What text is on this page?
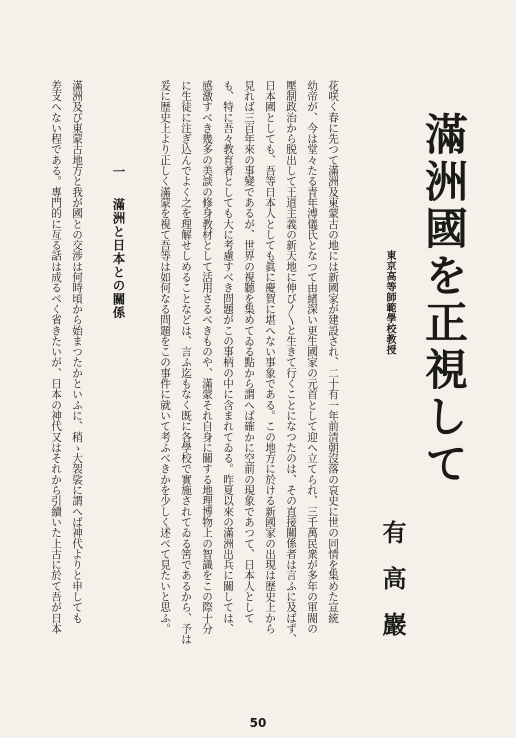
滿洲國を正視して
東京高等師範學校教授
有高巖
花咲く春に先つて滿洲及東蒙古の地には新國家が建設され、二十有一年前清朝沒落の哀史に世の同情を集めた宣統
幼帝が、今は堂々たる青年溥儀氏となつて由緒深い更生國家の元首として迎へ立てられ、三千萬民衆が多年の軍閥の
壓制政治から脱出して王道主義の新天地に伸び〳〵と生きて行くことになつたのは、その直接關係者は言ふに及ばず、
日本國としても、吾等日本人としても眞に慶賀に堪へない事象である。この地方に於ける新國家の出現は歴史上から
見れば三百年來の事變であるが、世界の視聽を集めてゐる點から謂へば確かに空前の現象であつて、日本人として
も、特に吾々教育者としても大に考慮すべき問題がこの事柄の中に含まれてゐる。昨夏以來の滿洲出兵に關しては、
感激すべき幾多の美談の修身教材として活用さるべきものや、滿蒙それ自身に關する地理博物上の智識をこの際十分
に生徒に注ぎ込んでよく之を理解せしめることなどは、言ふ迄もなく既に各學校で實施されてゐる筈であるから、予は
爰に歴史上より正しく滿蒙を視て吾等は如何なる問題をこの事件に就いて考ふべきかを少しく述べて見たいと思ふ。
一
滿洲と日本との關係
滿洲及び東蒙古地方と我が國との交涉は何時頃から始まつたかといふに、稍ゝ大袈裟に謂へば神代よりと申しても
差支へない程である。專門的に亙る話は成るべく省きたいが、日本の神代又はそれから引續いた上古に於て吾が日本
50
